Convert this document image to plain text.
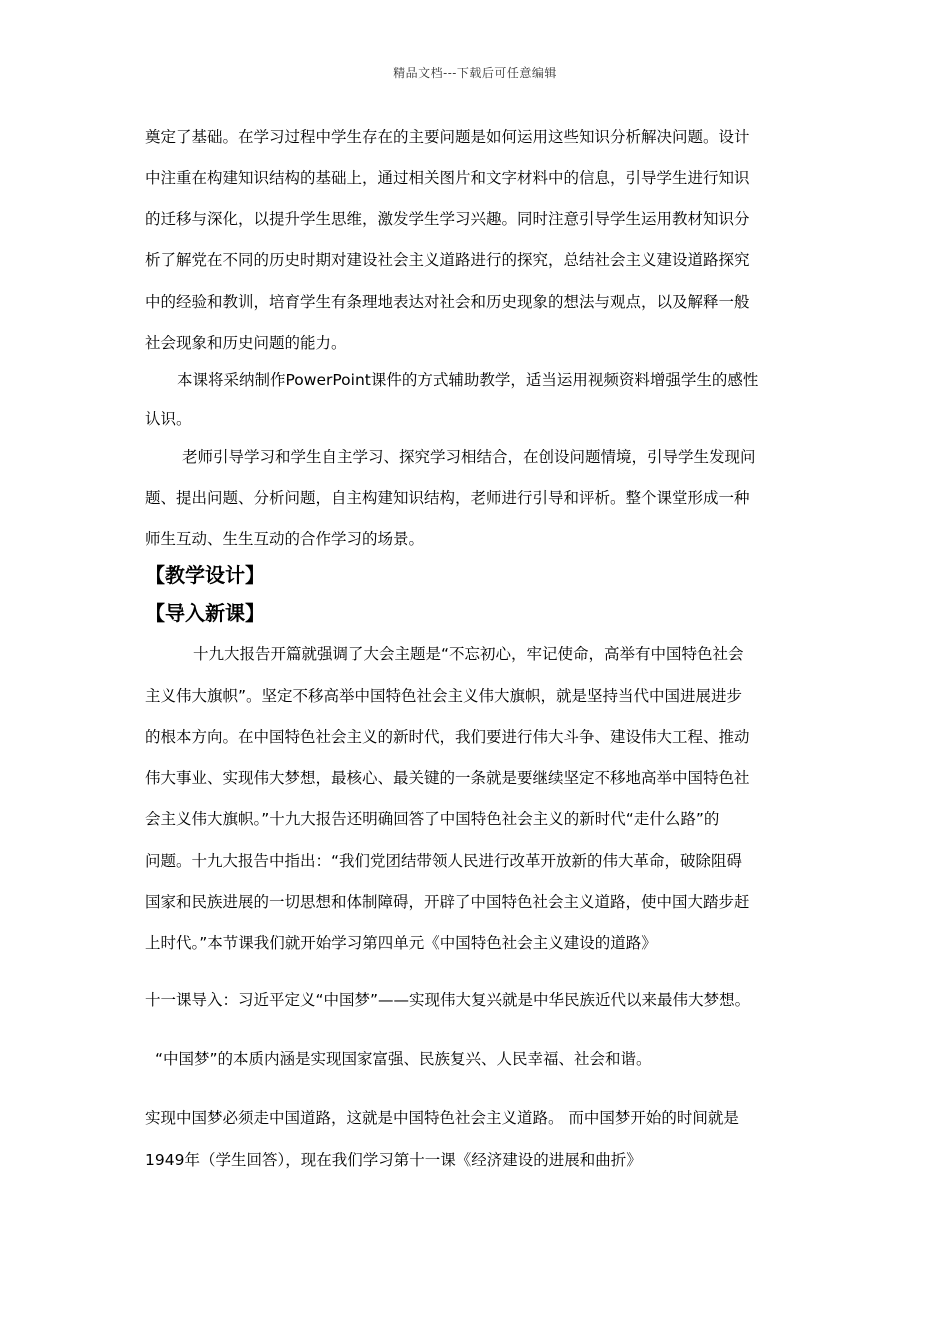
精品文档---下载后可任意编辑
奠定了基础。在学习过程中学生存在的主要问题是如何运用这些知识分析解决问题。设计
中注重在构建知识结构的基础上，通过相关图片和文字材料中的信息，引导学生进行知识
的迁移与深化，以提升学生思维，激发学生学习兴趣。同时注意引导学生运用教材知识分
析了解党在不同的历史时期对建设社会主义道路进行的探究，总结社会主义建设道路探究
中的经验和教训，培育学生有条理地表达对社会和历史现象的想法与观点，以及解释一般
社会现象和历史问题的能力。
本课将采纳制作PowerPoint课件的方式辅助教学，适当运用视频资料增强学生的感性
认识。
老师引导学习和学生自主学习、探究学习相结合，在创设问题情境，引导学生发现问
题、提出问题、分析问题，自主构建知识结构，老师进行引导和评析。整个课堂形成一种
师生互动、生生互动的合作学习的场景。
【教学设计】
【导入新课】
十九大报告开篇就强调了大会主题是“不忘初心，牢记使命，高举有中国特色社会
主义伟大旗帜”。坚定不移高举中国特色社会主义伟大旗帜，就是坚持当代中国进展进步
的根本方向。在中国特色社会主义的新时代，我们要进行伟大斗争、建设伟大工程、推动
伟大事业、实现伟大梦想，最核心、最关键的一条就是要继续坚定不移地高举中国特色社
会主义伟大旗帜。”十九大报告还明确回答了中国特色社会主义的新时代“走什么路”的
问题。十九大报告中指出：“我们党团结带领人民进行改革开放新的伟大革命，破除阻碍
国家和民族进展的一切思想和体制障碍，开辟了中国特色社会主义道路，使中国大踏步赶
上时代。”本节课我们就开始学习第四单元《中国特色社会主义建设的道路》
十一课导入：习近平定义“中国梦”——实现伟大复兴就是中华民族近代以来最伟大梦想。
“中国梦”的本质内涵是实现国家富强、民族复兴、人民幸福、社会和谐。
实现中国梦必须走中国道路，这就是中国特色社会主义道路。 而中国梦开始的时间就是
1949年（学生回答），现在我们学习第十一课《经济建设的进展和曲折》
